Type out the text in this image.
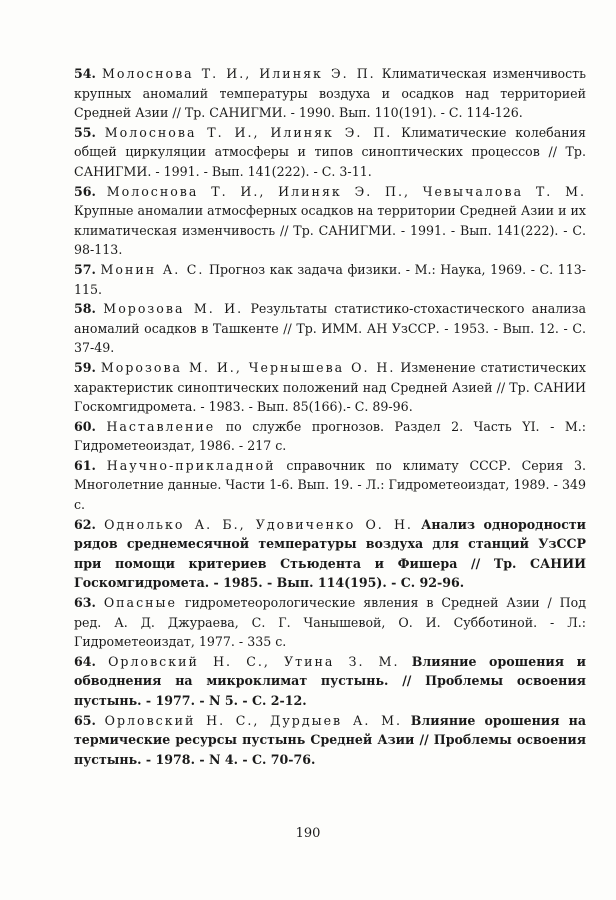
54. Молоснова Т. И., Илиняк Э. П. Климатическая изменчивость крупных аномалий температуры воздуха и осадков над территорией Средней Азии // Тр. САНИГМИ. - 1990. Вып. 110(191). - С. 114-126.

55. Молоснова Т. И., Илиняк Э. П. Климатические колебания общей циркуляции атмосферы и типов синоптических процессов // Тр. САНИГМИ. - 1991. - Вып. 141(222). - С. 3-11.

56. Молоснова Т. И., Илиняк Э. П., Чевычалова Т. М. Крупные аномалии атмосферных осадков на территории Средней Азии и их климатическая изменчивость // Тр. САНИГМИ. - 1991. - Вып. 141(222). - С. 98-113.

57. Монин А. С. Прогноз как задача физики. - М.: Наука, 1969. - С. 113-115.

58. Морозова М. И. Результаты статистико-стохастического анализа аномалий осадков в Ташкенте // Тр. ИММ. АН УзССР. - 1953. - Вып. 12. - С. 37-49.

59. Морозова М. И., Чернышева О. Н. Изменение статистических характеристик синоптических положений над Средней Азией // Тр. САНИИ Госкомгидромета. - 1983. - Вып. 85(166).- С. 89-96.

60. Наставление по службе прогнозов. Раздел 2. Часть YI. - М.: Гидрометеоиздат, 1986. - 217 с.

61. Научно-прикладной справочник по климату СССР. Серия 3. Многолетние данные. Части 1-6. Вып. 19. - Л.: Гидрометеоиздат, 1989. - 349 с.

62. Однолько А. Б., Удовиченко О. Н. Анализ однородности рядов среднемесячной температуры воздуха для станций УзССР при помощи критериев Стьюдента и Фишера // Тр. САНИИ Госкомгидромета. - 1985. - Вып. 114(195). - С. 92-96.

63. Опасные гидрометеорологические явления в Средней Азии / Под ред. А. Д. Джураева, С. Г. Чанышевой, О. И. Субботиной. - Л.: Гидрометеоиздат, 1977. - 335 с.

64. Орловский Н. С., Утина З. М. Влияние орошения и обводнения на микроклимат пустынь. // Проблемы освоения пустынь. - 1977. - N 5. - С. 2-12.

65. Орловский Н. С., Дурдыев А. М. Влияние орошения на термические ресурсы пустынь Средней Азии // Проблемы освоения пустынь. - 1978. - N 4. - С. 70-76.

190
